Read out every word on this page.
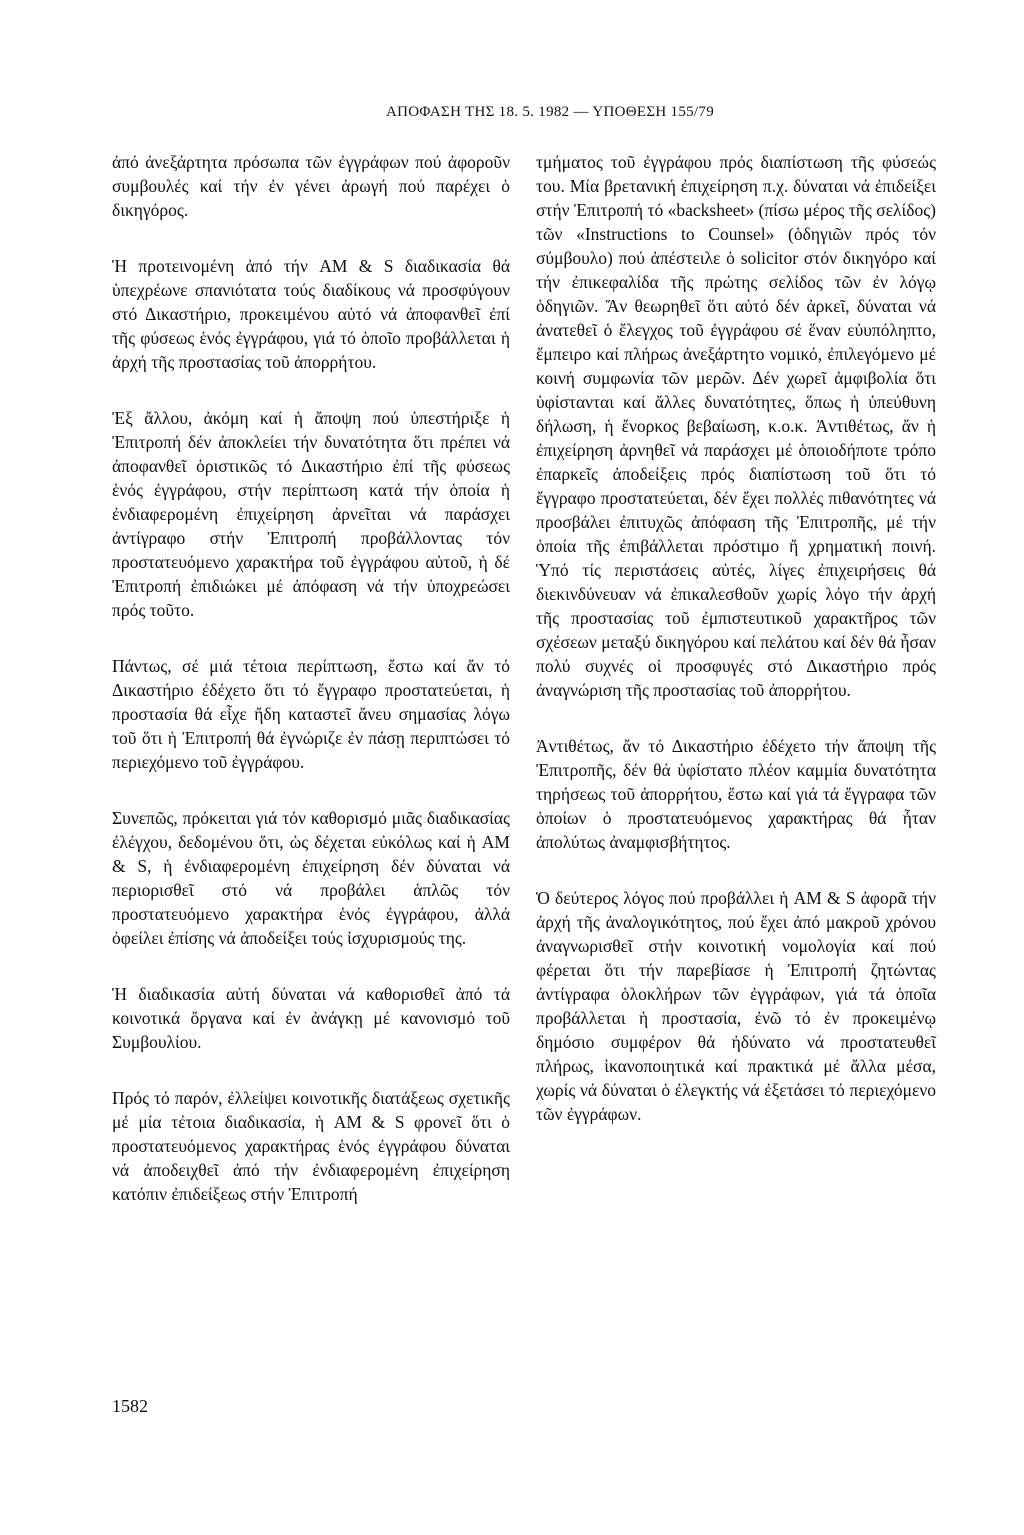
ΑΠΟΦΑΣΗ ΤΗΣ 18. 5. 1982 — ΥΠΟΘΕΣΗ 155/79

ἀπό ἀνεξάρτητα πρόσωπα τῶν ἐγγράφων πού ἀφοροῦν συμβουλές καί τήν ἐν γένει ἀρωγή πού παρέχει ὁ δικηγόρος.

Ἡ προτεινομένη ἀπό τήν AM & S διαδικασία θά ὑπεχρέωνε σπανιότατα τούς διαδίκους νά προσφύγουν στό Δικαστήριο, προκειμένου αὐτό νά ἀποφανθεῖ ἐπί τῆς φύσεως ἑνός ἐγγράφου, γιά τό ὁποῖο προβάλλεται ἡ ἀρχή τῆς προστασίας τοῦ ἀπορρήτου.

Ἐξ ἄλλου, ἀκόμη καί ἡ ἄποψη πού ὑπεστήριξε ἡ Ἐπιτροπή δέν ἀποκλείει τήν δυνατότητα ὅτι πρέπει νά ἀποφανθεῖ ὁριστικῶς τό Δικαστήριο ἐπί τῆς φύσεως ἑνός ἐγγράφου, στήν περίπτωση κατά τήν ὁποία ἡ ἐνδιαφερομένη ἐπιχείρηση ἀρνεῖται νά παράσχει ἀντίγραφο στήν Ἐπιτροπή προβάλλοντας τόν προστατευόμενο χαρακτήρα τοῦ ἐγγράφου αὐτοῦ, ἡ δέ Ἐπιτροπή ἐπιδιώκει μέ ἀπόφαση νά τήν ὑποχρεώσει πρός τοῦτο.

Πάντως, σέ μιά τέτοια περίπτωση, ἔστω καί ἄν τό Δικαστήριο ἐδέχετο ὅτι τό ἔγγραφο προστατεύεται, ἡ προστασία θά εἶχε ἤδη καταστεῖ ἄνευ σημασίας λόγω τοῦ ὅτι ἡ Ἐπιτροπή θά ἐγνώριζε ἐν πάσῃ περιπτώσει τό περιεχόμενο τοῦ ἐγγράφου.

Συνεπῶς, πρόκειται γιά τόν καθορισμό μιᾶς διαδικασίας ἐλέγχου, δεδομένου ὅτι, ὡς δέχεται εὐκόλως καί ἡ AM & S, ἡ ἐνδιαφερομένη ἐπιχείρηση δέν δύναται νά περιορισθεῖ στό νά προβάλει ἁπλῶς τόν προστατευόμενο χαρακτήρα ἑνός ἐγγράφου, ἀλλά ὀφείλει ἐπίσης νά ἀποδείξει τούς ἰσχυρισμούς της.

Ἡ διαδικασία αὐτή δύναται νά καθορισθεῖ ἀπό τά κοινοτικά ὄργανα καί ἐν ἀνάγκῃ μέ κανονισμό τοῦ Συμβουλίου.

Πρός τό παρόν, ἐλλείψει κοινοτικῆς διατάξεως σχετικῆς μέ μία τέτοια διαδικασία, ἡ AM & S φρονεῖ ὅτι ὁ προστατευόμενος χαρακτήρας ἑνός ἐγγράφου δύναται νά ἀποδειχθεῖ ἀπό τήν ἐνδιαφερομένη ἐπιχείρηση κατόπιν ἐπιδείξεως στήν Ἐπιτροπή

τμήματος τοῦ ἐγγράφου πρός διαπίστωση τῆς φύσεώς του. Μία βρετανική ἐπιχείρηση π.χ. δύναται νά ἐπιδείξει στήν Ἐπιτροπή τό «backsheet» (πίσω μέρος τῆς σελίδος) τῶν «Instructions to Counsel» (ὁδηγιῶν πρός τόν σύμβουλο) πού ἀπέστειλε ὁ solicitor στόν δικηγόρο καί τήν ἐπικεφαλίδα τῆς πρώτης σελίδος τῶν ἐν λόγῳ ὁδηγιῶν. Ἄν θεωρηθεῖ ὅτι αὐτό δέν ἀρκεῖ, δύναται νά ἀνατεθεῖ ὁ ἔλεγχος τοῦ ἐγγράφου σέ ἕναν εὐυπόληπτο, ἔμπειρο καί πλήρως ἀνεξάρτητο νομικό, ἐπιλεγόμενο μέ κοινή συμφωνία τῶν μερῶν. Δέν χωρεῖ ἀμφιβολία ὅτι ὑφίστανται καί ἄλλες δυνατότητες, ὅπως ἡ ὑπεύθυνη δήλωση, ἡ ἔνορκος βεβαίωση, κ.ο.κ. Ἀντιθέτως, ἄν ἡ ἐπιχείρηση ἀρνηθεῖ νά παράσχει μέ ὁποιοδήποτε τρόπο ἐπαρκεῖς ἀποδείξεις πρός διαπίστωση τοῦ ὅτι τό ἔγγραφο προστατεύεται, δέν ἔχει πολλές πιθανότητες νά προσβάλει ἐπιτυχῶς ἀπόφαση τῆς Ἐπιτροπῆς, μέ τήν ὁποία τῆς ἐπιβάλλεται πρόστιμο ἤ χρηματική ποινή. Ὑπό τίς περιστάσεις αὐτές, λίγες ἐπιχειρήσεις θά διεκινδύνευαν νά ἐπικαλεσθοῦν χωρίς λόγο τήν ἀρχή τῆς προστασίας τοῦ ἐμπιστευτικοῦ χαρακτῆρος τῶν σχέσεων μεταξύ δικηγόρου καί πελάτου καί δέν θά ἦσαν πολύ συχνές οἱ προσφυγές στό Δικαστήριο πρός ἀναγνώριση τῆς προστασίας τοῦ ἀπορρήτου.

Ἀντιθέτως, ἄν τό Δικαστήριο ἐδέχετο τήν ἄποψη τῆς Ἐπιτροπῆς, δέν θά ὑφίστατο πλέον καμμία δυνατότητα τηρήσεως τοῦ ἀπορρήτου, ἔστω καί γιά τά ἔγγραφα τῶν ὁποίων ὁ προστατευόμενος χαρακτήρας θά ἦταν ἀπολύτως ἀναμφισβήτητος.

Ὁ δεύτερος λόγος πού προβάλλει ἡ AM & S ἀφορᾶ τήν ἀρχή τῆς ἀναλογικότητος, πού ἔχει ἀπό μακροῦ χρόνου ἀναγνωρισθεῖ στήν κοινοτική νομολογία καί πού φέρεται ὅτι τήν παρεβίασε ἡ Ἐπιτροπή ζητώντας ἀντίγραφα ὁλοκλήρων τῶν ἐγγράφων, γιά τά ὁποῖα προβάλλεται ἡ προστασία, ἐνῶ τό ἐν προκειμένῳ δημόσιο συμφέρον θά ἠδύνατο νά προστατευθεῖ πλήρως, ἱκανοποιητικά καί πρακτικά μέ ἄλλα μέσα, χωρίς νά δύναται ὁ ἐλεγκτής νά ἐξετάσει τό περιεχόμενο τῶν ἐγγράφων.

1582
